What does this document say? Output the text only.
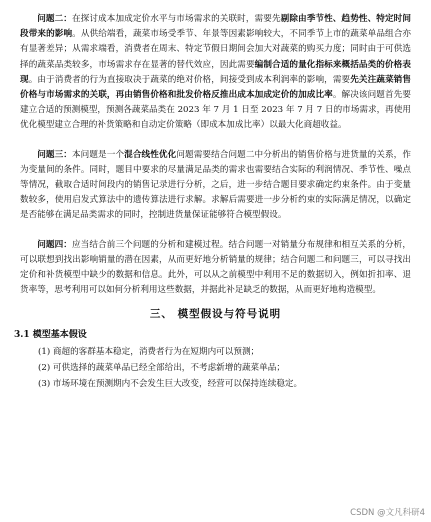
问题二：在探讨成本加成定价水平与市场需求的关联时，需要先剔除由季节性、趋势性、特定时间段带来的影响。从供给端看，蔬菜市场受季节、年景等因素影响较大，不同季节上市的蔬菜单品组合亦有显著差异；从需求端看，消费者在周末、特定节假日期间会加大对蔬菜的购买力度；同时由于可供选择的蔬菜品类较多，市场需求存在显著的替代效应，因此需要编制合适的量化指标来概括品类的价格表现。由于消费者的行为直接取决于蔬菜的绝对价格，间接受到成本利润率的影响，需要先关注蔬菜销售价格与市场需求的关联，再由销售价格和批发价格反推出成本加成定价的加成比率。解决该问题首先要建立合适的预测模型，预测各蔬菜品类在 2023 年 7 月 1 日至 2023 年 7 月 7 日的市场需求，再使用优化模型建立合理的补货策略和自动定价策略（即成本加成比率）以最大化商超收益。

问题三：本问题是一个混合线性优化问题需要结合问题二中分析出的销售价格与进货量的关系，作为变量间的条件。同时，题目中要求的尽量满足品类的需求也需要结合实际的利润情况、季节性、噪点等情况，截取合适时间段内的销售记录进行分析，之后，进一步结合题目要求确定约束条件。由于变量数较多，使用启发式算法中的遗传算法进行求解。求解后需要进一步分析约束的实际满足情况，以确定是否能够在满足品类需求的同时，控制进货量保证能够符合模型假设。

问题四：应当结合前三个问题的分析和建模过程。结合问题一对销量分布规律和相互关系的分析，可以联想到找出影响销量的潜在因素，从而更好地分析销量的规律；结合问题二和问题三，可以寻找出定价和补货模型中缺少的数据和信息。此外，可以从之前模型中利用不足的数据切入，例如折扣率、退货率等，思考利用可以如何分析利用这些数据，并据此补足缺乏的数据，从而更好地构造模型。

三、 模型假设与符号说明
3.1 模型基本假设
(1) 商超的客群基本稳定，消费者行为在短期内可以预测；
(2) 可供选择的蔬菜单品已经全部给出，不考虑新增的蔬菜单品；
(3) 市场环境在预测期内不会发生巨大改变，经营可以保持连续稳定。
CSDN @文凡科研4
